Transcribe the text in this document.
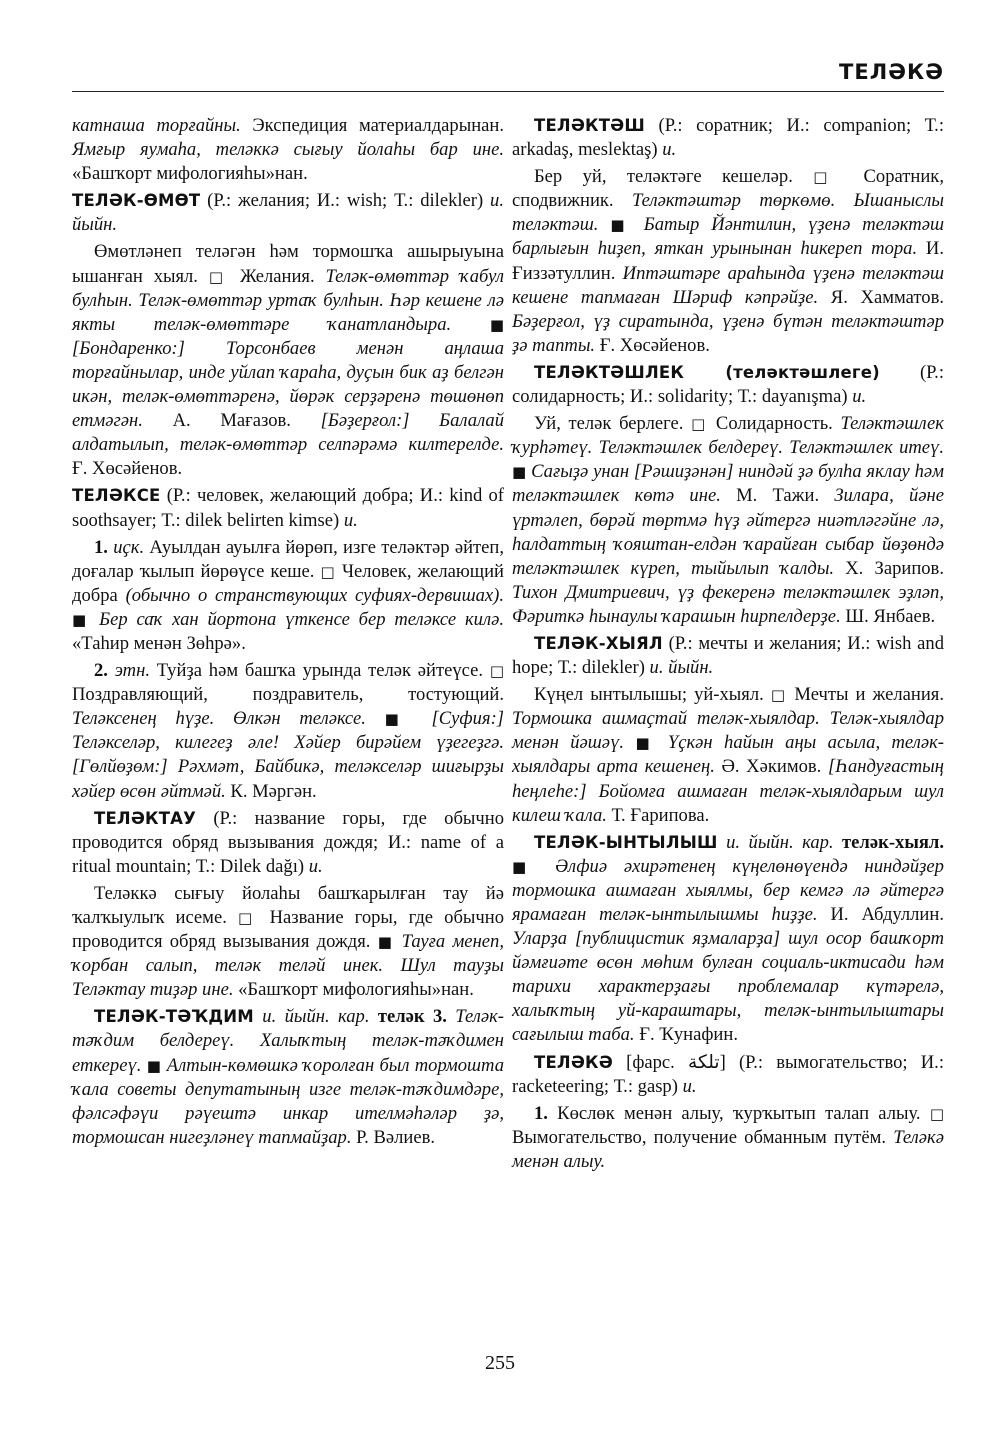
ТЕЛӘКӘ

катнаша торғайны. Экспедиция материалдарынан. Ямғыр яумаһа, теләккә сығыу йолаһы бар ине. «Башҡорт мифологияһы»нан.

ТЕЛӘК-ӨМӨТ (Р.: желания; И.: wish; Т.: dilekler) и. йыйн.

Өмөтләнеп теләгән һәм тормошҡа ашырыуына ышанған хыял. □ Желания. Теләк-өмөттәр ҡабул булһын. Теләк-өмөттәр уртаҡ булһын. Һәр кешене лә якты теләк-өмөттәре ҡанатландыра.	■ [Бондаренко:] Торсонбаев менән аңлаша торғайнылар, инде уйлап ҡараһа, дуҫын бик аҙ белгән икән, теләк-өмөттәренә, йөрәк серҙәренә төшөнөп етмәгән. А. Мағазов. [Бәҙерғол:] Балалай алдатылып, теләк-өмөттәр селпәрәмә килтерелде. Ғ. Хөсәйенов.

ТЕЛӘКСЕ (Р.: человек, желающий добра; И.: kind of soothsayer; Т.: dilek belirten kimse) и.

1. иҫк. Ауылдан ауылға йөрөп, изге теләктәр әйтеп, доғалар ҡылып йөрөүсе кеше. □ Человек, желающий добра (обычно о странствующих суфиях-дервишах). ■ Бер саҡ хан йортона үткенсе бер теләксе килә. «Таһир менән Зөһрә».

2. этн. Туйҙа һәм башҡа урында теләк әйтеүсе. □ Поздравляющий, поздравитель, тостующий. Теләксенең һүҙе. Өлкән теләксе. ■ [Суфия:] Теләкселәр, килегеҙ әле! Хәйер бирәйем үҙегеҙгә. [Гөлйөҙөм:] Рәхмәт, Байбикә, теләкселәр шиғырҙы хәйер өсөн әйтмәй. К. Мәргән.

ТЕЛӘКТАУ (Р.: название горы, где обычно проводится обряд вызывания дождя; И.: name of a ritual mountain; Т.: Dilek dağı) и.

Теләккә сығыу йолаһы башҡарылған тау йә ҡалҡыулыҡ исеме. □ Название горы, где обычно проводится обряд вызывания дождя. ■ Тауға менеп, ҡорбан салып, теләк теләй инек. Шул тауҙы Теләктау тиҙәр ине. «Башҡорт мифологияһы»нан.

ТЕЛӘК-ТӘҠДИМ и. йыйн. кар. теләк 3. Теләк-тәҡдим белдереү. Халыҡтың теләк-тәҡдимен еткереү. ■ Алтын-көмөшкә ҡоролған был тормошта ҡала советы депутатының изге теләк-тәҡдимдәре, фәлсәфәүи рәүештә инкар ителмәһәләр ҙә, тормошсан нигеҙләнеү тапмайҙар. Р. Вәлиев.

ТЕЛӘКТӘШ (Р.: соратник; И.: companion; Т.: arkadaş, meslektaş) и.

Бер уй, теләктәге кешеләр. □ Соратник, сподвижник. Теләктәштәр төркөмө. Ышаныслы теләктәш. ■ Батыр Йәнтилин, үҙенә теләктәш барлығын һиҙеп, яткан урынынан һикереп тора. И. Ғиззәтуллин. Иптәштәре араһында үҙенә теләктәш кешене тапмаған Шәриф кәпрәйҙе. Я. Хамматов. Бәҙерғол, үҙ сиратында, үҙенә бүтән теләктәштәр ҙә тапты. Ғ. Хөсәйенов.

ТЕЛӘКТӘШЛЕК (теләктәшлеге) (Р.: солидарность; И.: solidarity; Т.: dayanışma) и.

Уй, теләк берлеге. □ Солидарность. Теләктәшлек ҡурһәтеү. Теләктәшлек белдереү. Теләктәшлек итеү. ■ Сағыҙә унан [Рәшиҙәнән] ниндәй ҙә булһа яклау һәм теләктәшлек көтә ине. М. Тажи. Зилара, йәне үртәлеп, бөрәй төртмә һүҙ әйтергә ниәтләгәйне лә, һалдаттың ҡояштан-елдән ҡарайған сыбар йөҙөндә теләктәшлек күреп, тыйылып ҡалды. Х. Зарипов. Тихон Дмитриевич, үҙ фекеренә теләктәшлек эҙләп, Фәриткә һынаулы ҡарашын һирпелдерҙе. Ш. Янбаев.

ТЕЛӘК-ХЫЯЛ (Р.: мечты и желания; И.: wish and hope; Т.: dilekler) и. йыйн.

Күңел ынтылышы; уй-хыял. □ Мечты и желания. Тормошка ашмаҫтай теләк-хыялдар. Теләк-хыялдар менән йәшәү. ■ Үҫкән һайын аңы асыла, теләк-хыялдары арта кешенең. Ә. Хәкимов. [Һандуғастың һеңлеһе:] Бойомға ашмаған теләк-хыялдарым шул килеш ҡала. Т. Ғарипова.

ТЕЛӘК-ЫНТЫЛЫШ и. йыйн. кар. теләк-хыял. ■ Әлфиә әхирәтенең күңелөнөүендә ниндәйҙер тормошка ашмаған хыялмы, бер кемгә лә әйтергә ярамаған теләк-ынтылышмы һиҙҙе. И. Абдуллин. Уларҙа [публицистик яҙмаларҙа] шул осор башҡорт йәмғиәте өсөн мөһим булған социаль-иктисади һәм тарихи характерҙағы проблемалар күтәрелә, халыҡтың уй-караштары, теләк-ынтылыштары сағылыш таба. Ғ. Ҡунафин.

ТЕЛӘКӘ [фарс. تلكة] (Р.: вымогательство; И.: racketeering; Т.: gasp) и.

1. Көслөк менән алыу, ҡурҡытып талап алыу. □ Вымогательство, получение обманным путём. Теләкә менән алыу.

255
